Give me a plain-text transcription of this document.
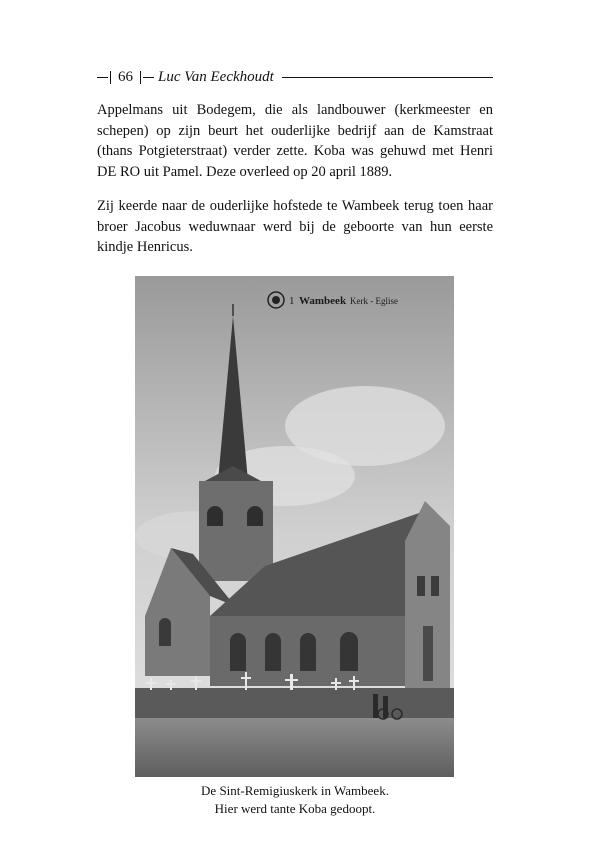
66 Luc Van Eeckhoudt

Appelmans uit Bodegem, die als landbouwer (kerkmeester en schepen) op zijn beurt het ouderlijke bedrijf aan de Kamstraat (thans Potgieterstraat) verder zette. Koba was gehuwd met Henri DE RO uit Pamel. Deze overleed op 20 april 1889.

Zij keerde naar de ouderlijke hofstede te Wambeek terug toen haar broer Jacobus weduwnaar werd bij de geboorte van hun eerste kindje Henricus.

1 Wambeek Kerk - Eglise
De Sint-Remigiuskerk in Wambeek.
Hier werd tante Koba gedoopt.
